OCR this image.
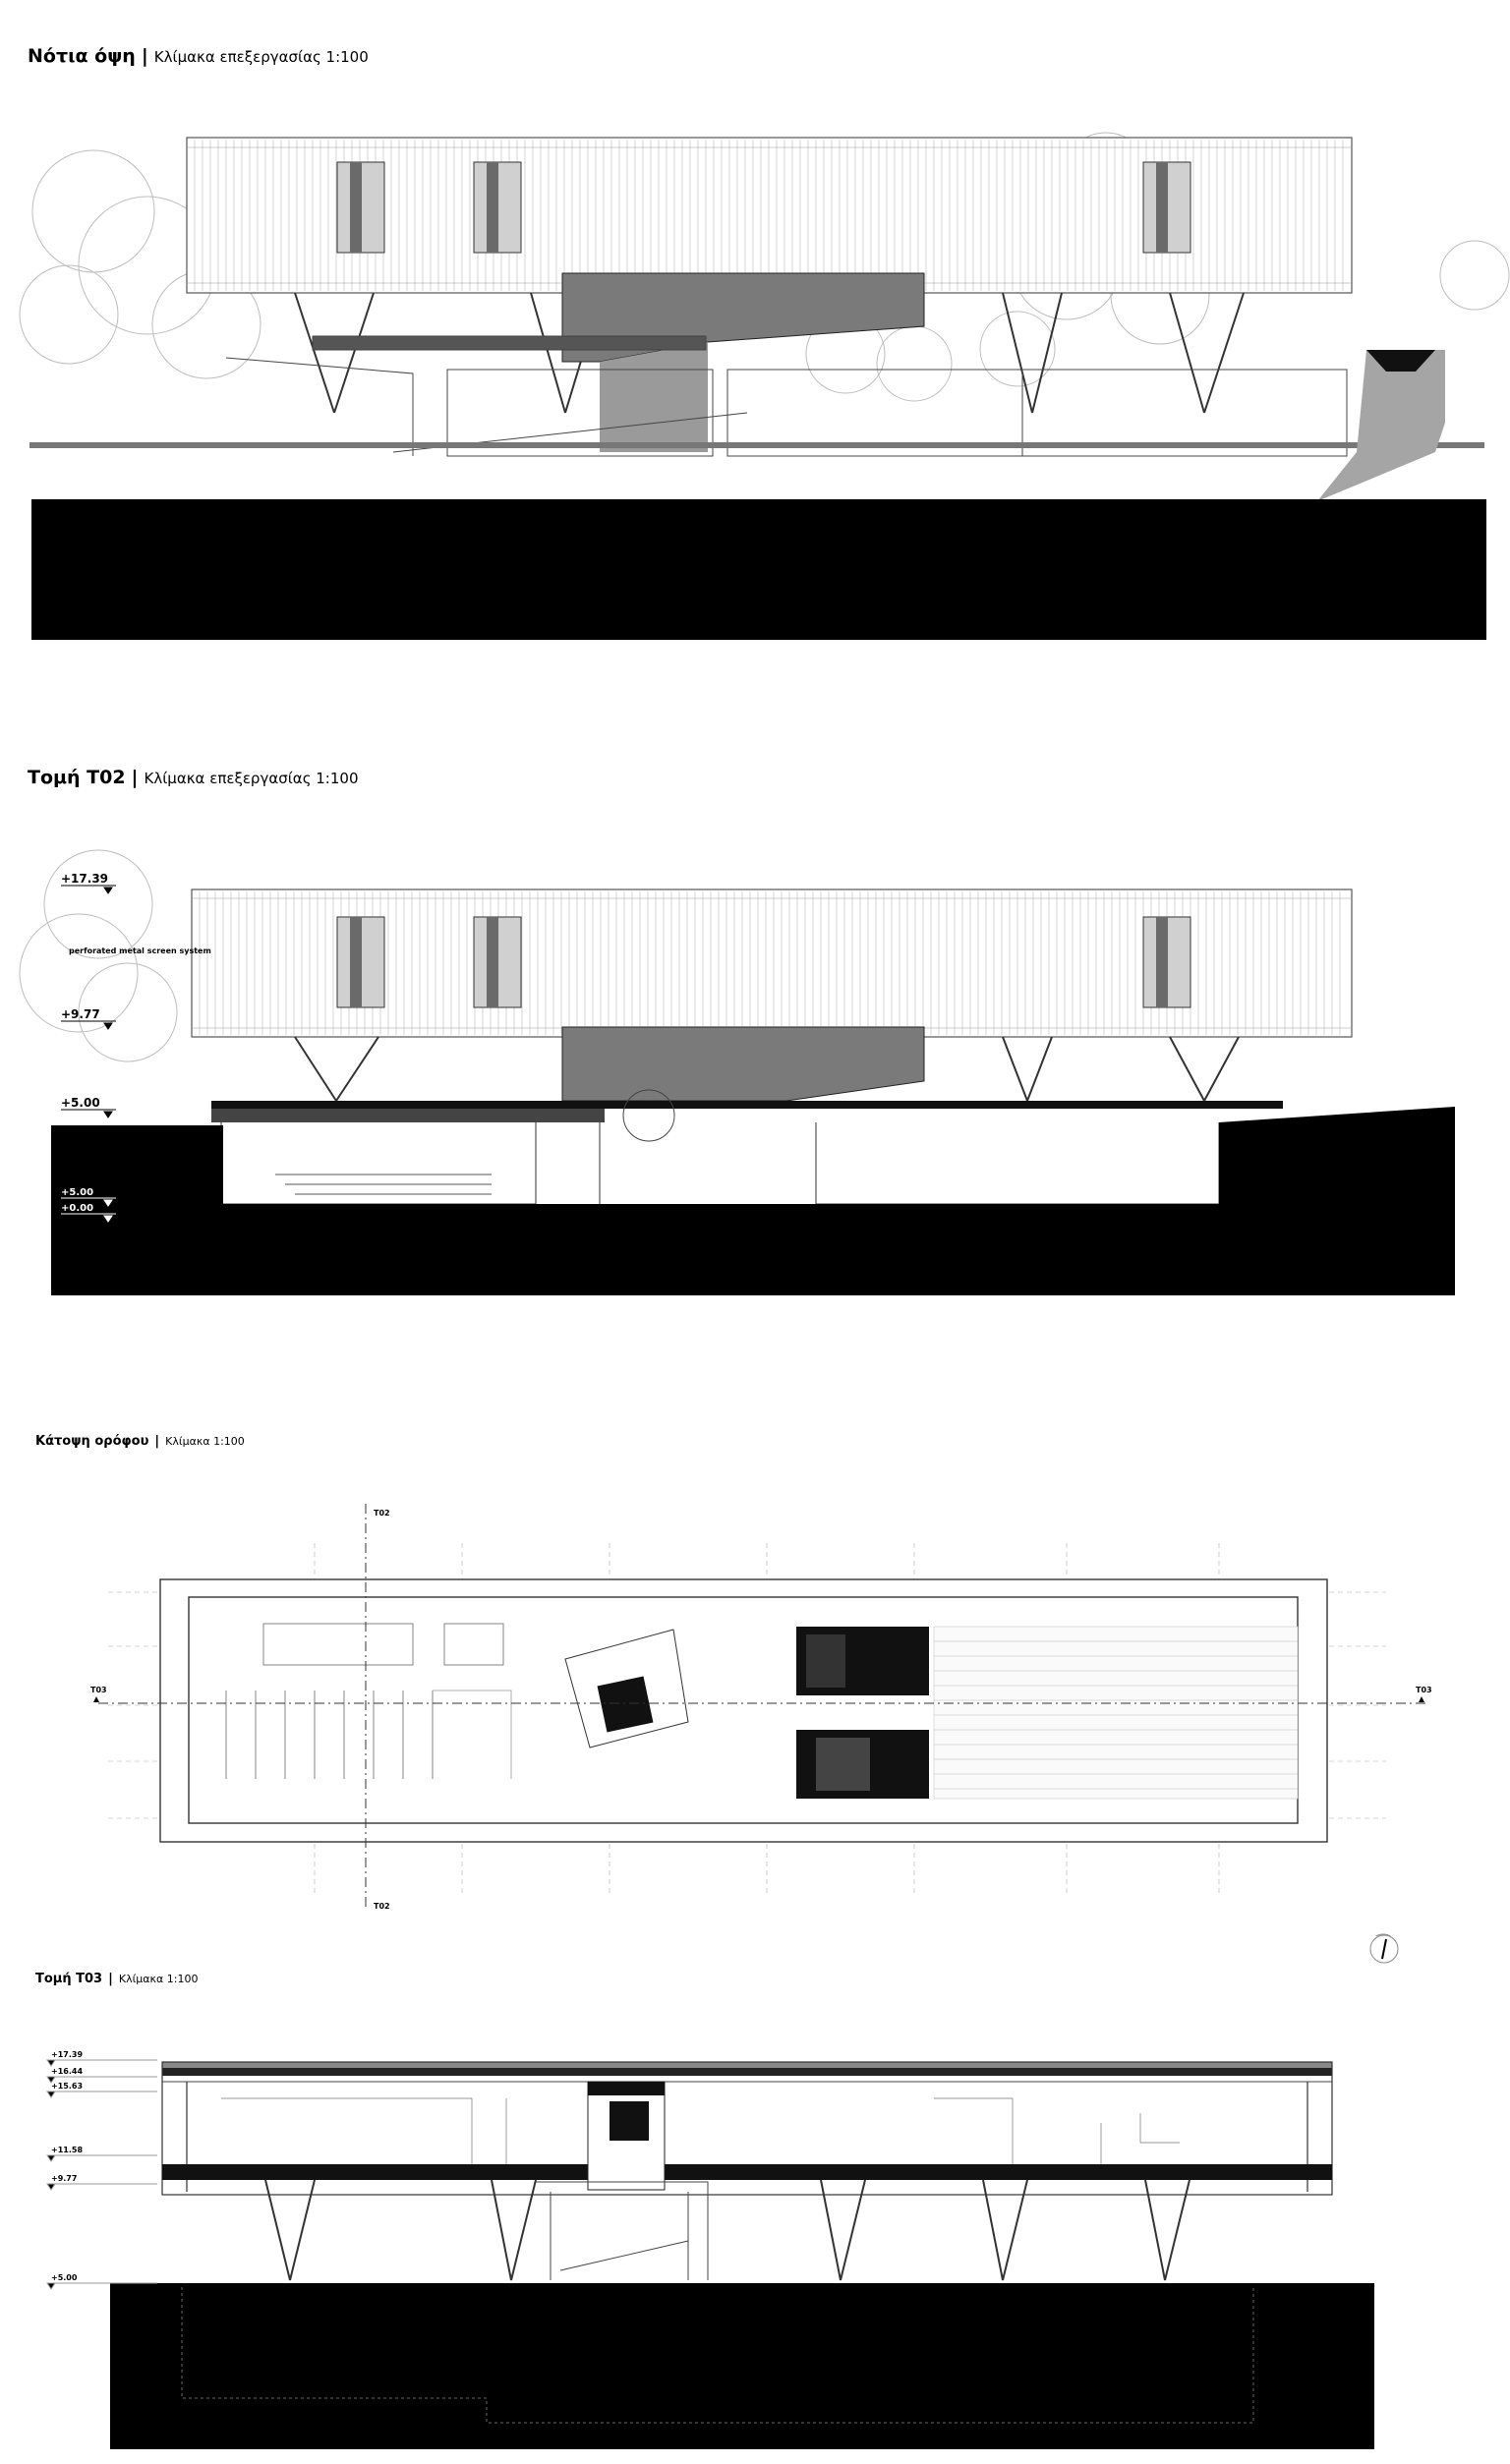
Νότια όψη | Κλίμακα επεξεργασίας 1:100
Τομή Τ02 | Κλίμακα επεξεργασίας 1:100
Κάτοψη ορόφου | Κλίμακα 1:100
Τομή Τ03 | Κλίμακα 1:100
+17.39
+9.77
+5.00
+5.00
+0.00
perforated metal screen system
T03	T03
T02
T02
+17.39
+16.44
+15.63
+11.58
+9.77
+5.00
